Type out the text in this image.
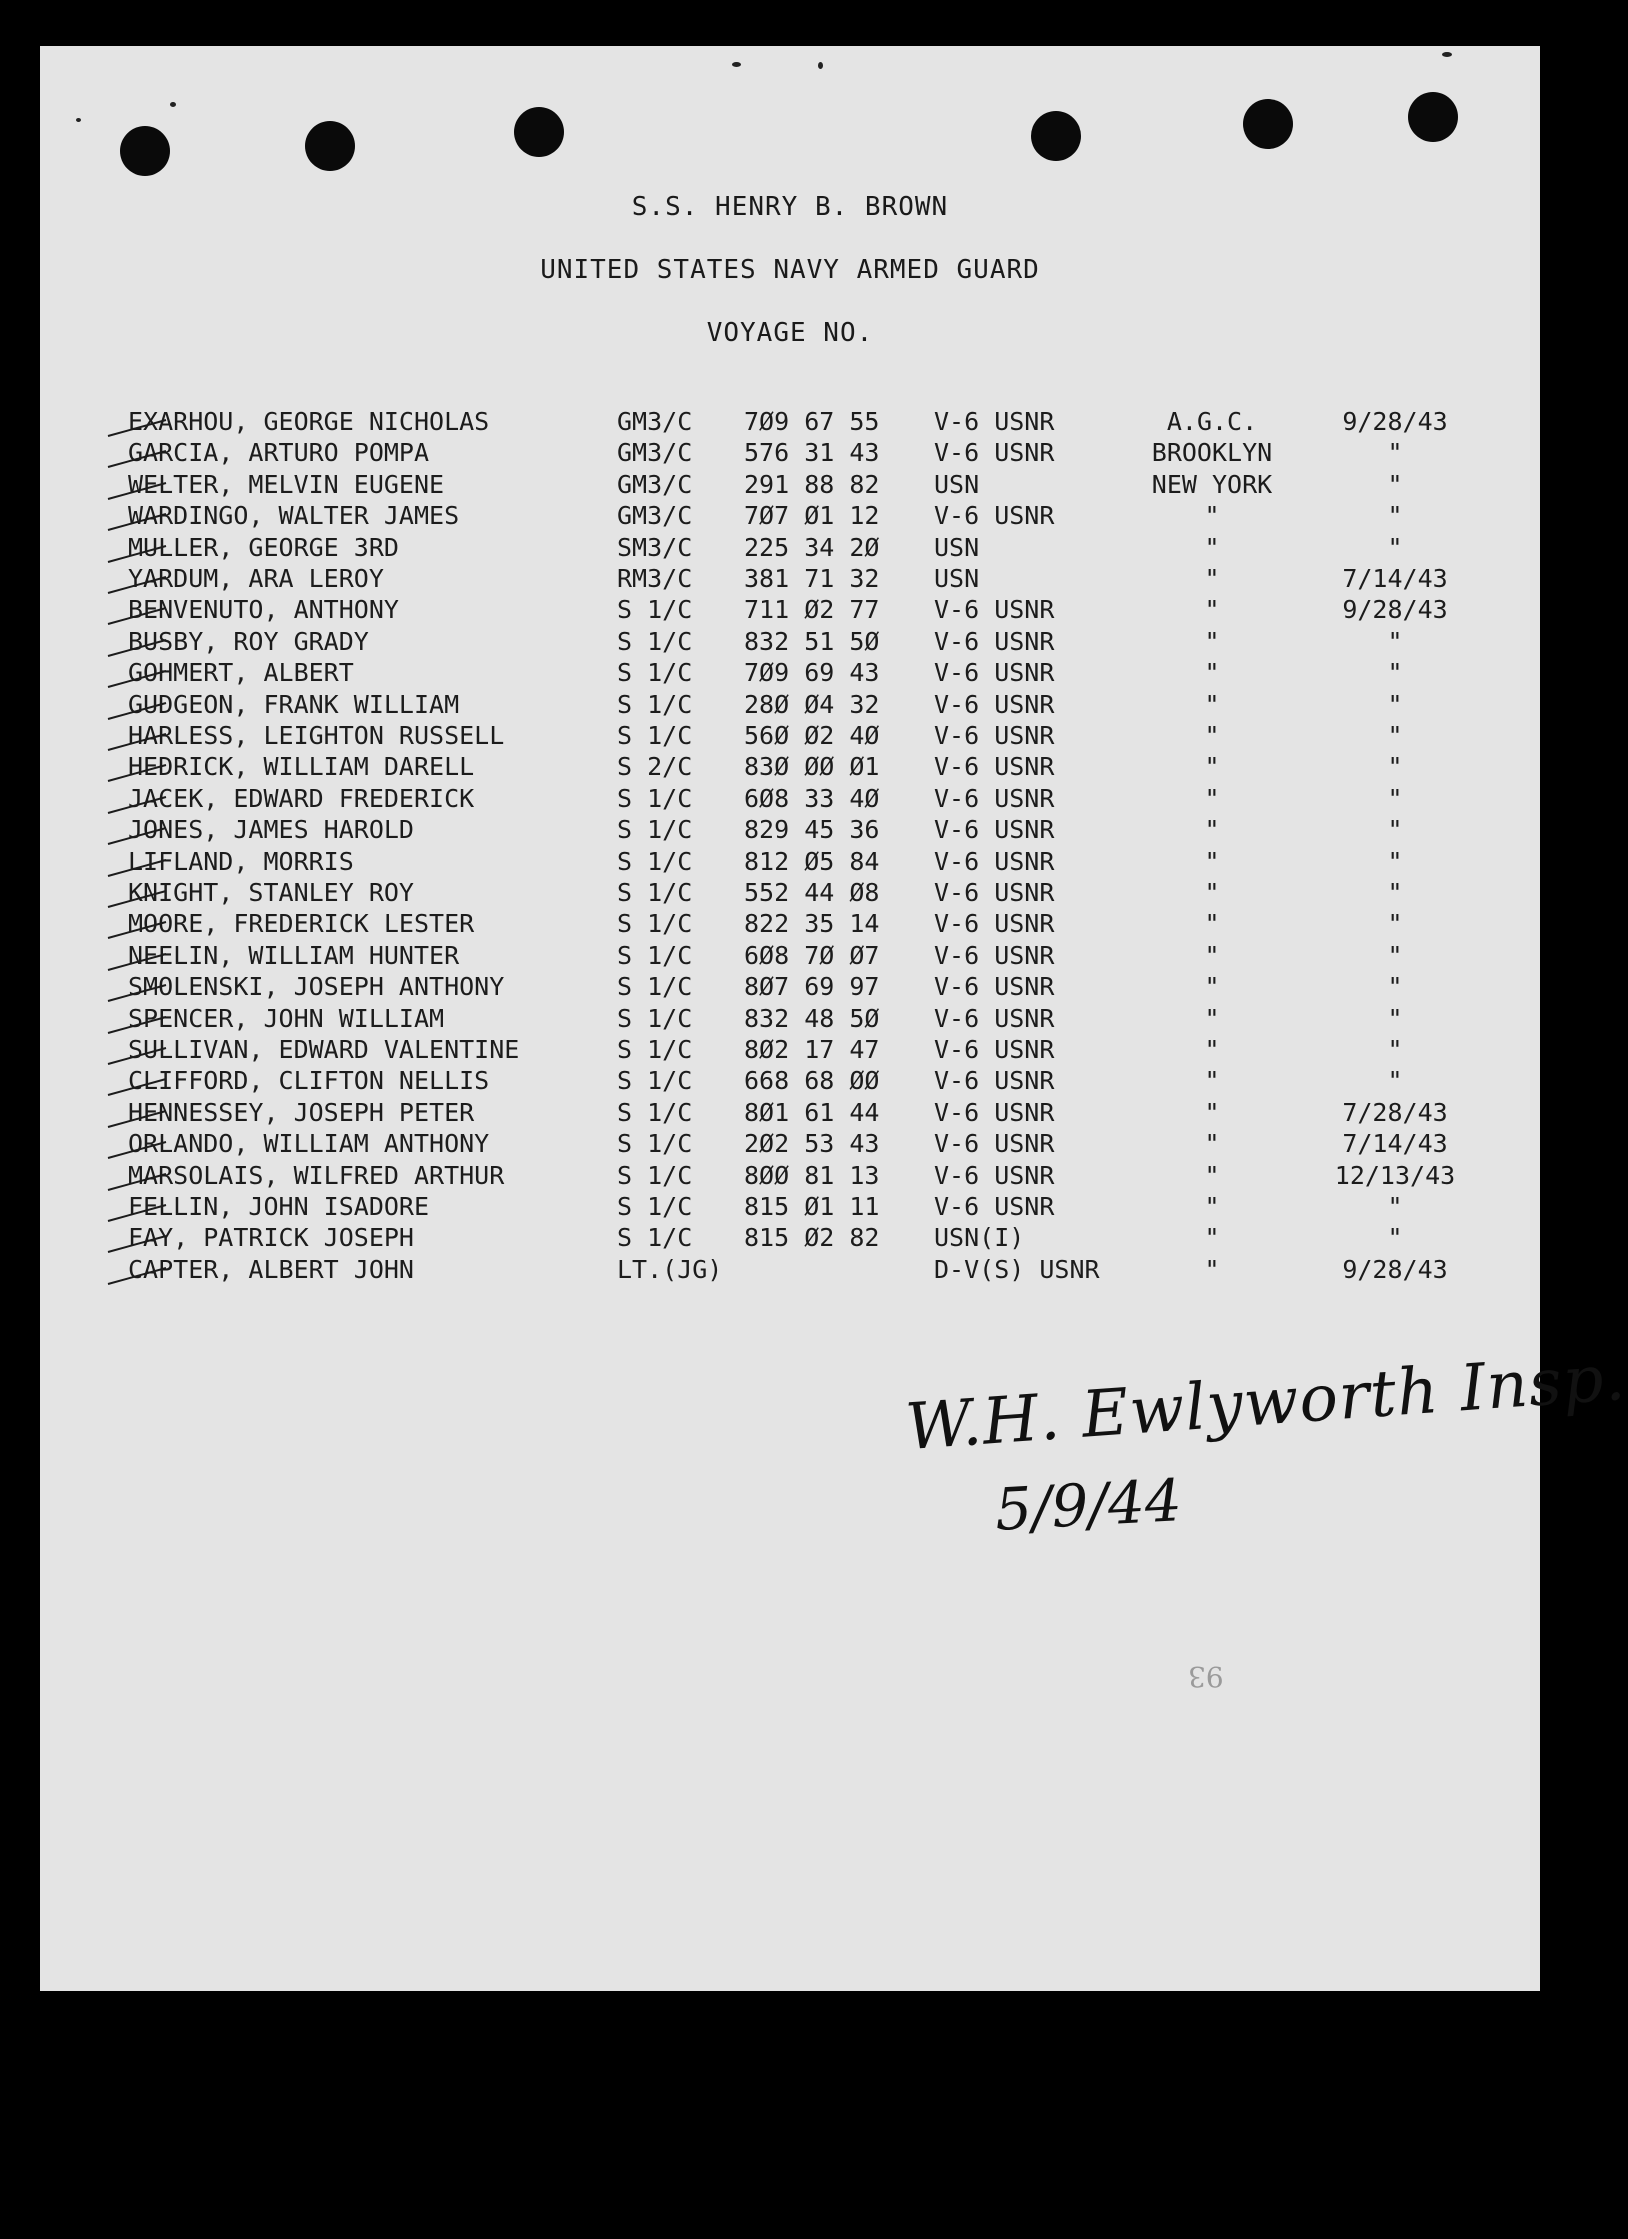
S.S. HENRY B. BROWN
UNITED STATES NAVY ARMED GUARD
VOYAGE NO.
EXARHOU, GEORGE NICHOLAS	GM3/C 7Ø9 67 55 V-6 USNR	A.G.C.	9/28/43
GARCIA, ARTURO POMPA	GM3/C 576 31 43 V-6 USNR	BROOKLYN	"
WELTER, MELVIN EUGENE	GM3/C 291 88 82 USN	NEW YORK	"
WARDINGO, WALTER JAMES	GM3/C 7Ø7 Ø1 12 V-6 USNR	"	"
MULLER, GEORGE 3RD	SM3/C 225 34 2Ø USN	"	"
YARDUM, ARA LEROY	RM3/C 381 71 32 USN	"	7/14/43
BENVENUTO, ANTHONY	S 1/C 711 Ø2 77 V-6 USNR	"	9/28/43
BUSBY, ROY GRADY	S 1/C 832 51 5Ø V-6 USNR	"	"
GOHMERT, ALBERT	S 1/C 7Ø9 69 43 V-6 USNR	"	"
GUDGEON, FRANK WILLIAM	S 1/C 28Ø Ø4 32 V-6 USNR	"	"
HARLESS, LEIGHTON RUSSELL	S 1/C 56Ø Ø2 4Ø V-6 USNR	"	"
HEDRICK, WILLIAM DARELL	S 2/C 83Ø ØØ Ø1 V-6 USNR	"	"
JACEK, EDWARD FREDERICK	S 1/C 6Ø8 33 4Ø V-6 USNR	"	"
JONES, JAMES HAROLD	S 1/C 829 45 36 V-6 USNR	"	"
LIFLAND, MORRIS	S 1/C 812 Ø5 84 V-6 USNR	"	"
KNIGHT, STANLEY ROY	S 1/C 552 44 Ø8 V-6 USNR	"	"
MOORE, FREDERICK LESTER	S 1/C 822 35 14 V-6 USNR	"	"
NEELIN, WILLIAM HUNTER	S 1/C 6Ø8 7Ø Ø7 V-6 USNR	"	"
SMOLENSKI, JOSEPH ANTHONY	S 1/C 8Ø7 69 97 V-6 USNR	"	"
SPENCER, JOHN WILLIAM	S 1/C 832 48 5Ø V-6 USNR	"	"
SULLIVAN, EDWARD VALENTINE	S 1/C 8Ø2 17 47 V-6 USNR	"	"
CLIFFORD, CLIFTON NELLIS	S 1/C 668 68 ØØ V-6 USNR	"	"
HENNESSEY, JOSEPH PETER	S 1/C 8Ø1 61 44 V-6 USNR	"	7/28/43
ORLANDO, WILLIAM ANTHONY	S 1/C 2Ø2 53 43 V-6 USNR	"	7/14/43
MARSOLAIS, WILFRED ARTHUR	S 1/C 8ØØ 81 13 V-6 USNR	"	12/13/43
FELLIN, JOHN ISADORE	S 1/C 815 Ø1 11 V-6 USNR	"	"
FAY, PATRICK JOSEPH	S 1/C 815 Ø2 82 USN(I)	"	"
CAPTER, ALBERT JOHN	LT.(JG)	D-V(S) USNR	"	9/28/43
W.H. Ewlyworth Insp.
5/9/44
93
